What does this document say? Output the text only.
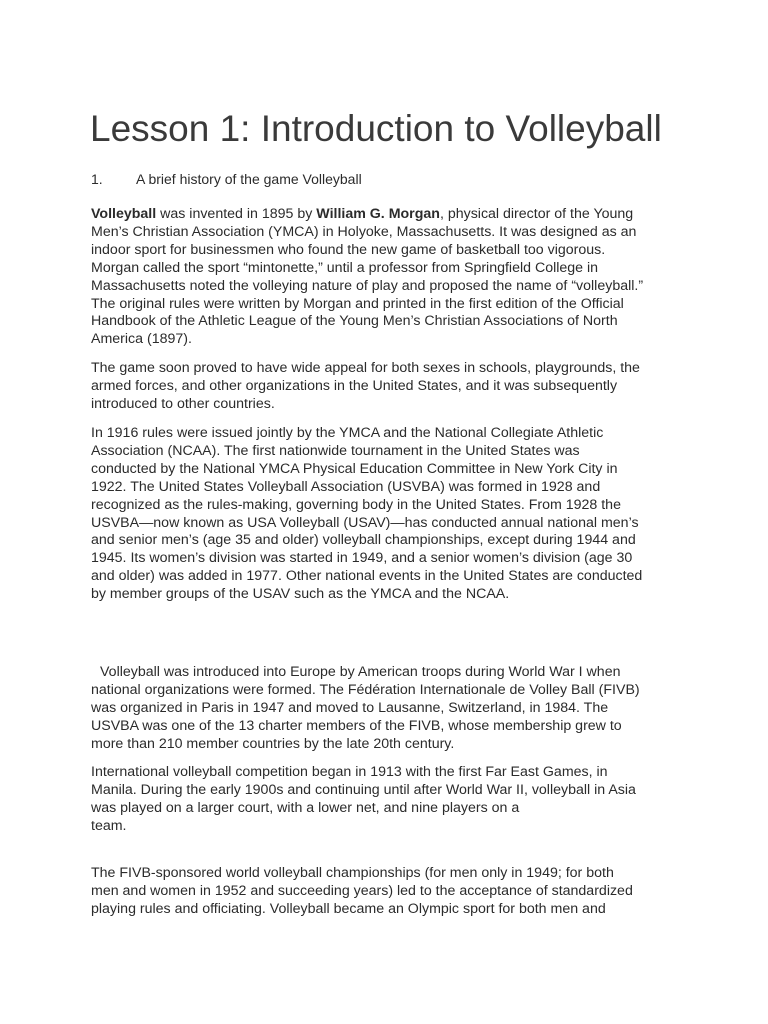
Lesson 1: Introduction to Volleyball
1. A brief history of the game Volleyball
Volleyball was invented in 1895 by William G. Morgan, physical director of the Young
Men’s Christian Association (YMCA) in Holyoke, Massachusetts. It was designed as an
indoor sport for businessmen who found the new game of basketball too vigorous.
Morgan called the sport “mintonette,” until a professor from Springfield College in
Massachusetts noted the volleying nature of play and proposed the name of “volleyball.”
The original rules were written by Morgan and printed in the first edition of the Official
Handbook of the Athletic League of the Young Men’s Christian Associations of North
America (1897).
The game soon proved to have wide appeal for both sexes in schools, playgrounds, the
armed forces, and other organizations in the United States, and it was subsequently
introduced to other countries.
In 1916 rules were issued jointly by the YMCA and the National Collegiate Athletic
Association (NCAA). The first nationwide tournament in the United States was
conducted by the National YMCA Physical Education Committee in New York City in
1922. The United States Volleyball Association (USVBA) was formed in 1928 and
recognized as the rules-making, governing body in the United States. From 1928 the
USVBA—now known as USA Volleyball (USAV)—has conducted annual national men’s
and senior men’s (age 35 and older) volleyball championships, except during 1944 and
1945. Its women’s division was started in 1949, and a senior women’s division (age 30
and older) was added in 1977. Other national events in the United States are conducted
by member groups of the USAV such as the YMCA and the NCAA.
Volleyball was introduced into Europe by American troops during World War I when
national organizations were formed. The Fédération Internationale de Volley Ball (FIVB)
was organized in Paris in 1947 and moved to Lausanne, Switzerland, in 1984. The
USVBA was one of the 13 charter members of the FIVB, whose membership grew to
more than 210 member countries by the late 20th century.
International volleyball competition began in 1913 with the first Far East Games, in
Manila. During the early 1900s and continuing until after World War II, volleyball in Asia
was played on a larger court, with a lower net, and nine players on a
team.
The FIVB-sponsored world volleyball championships (for men only in 1949; for both
men and women in 1952 and succeeding years) led to the acceptance of standardized
playing rules and officiating. Volleyball became an Olympic sport for both men and
